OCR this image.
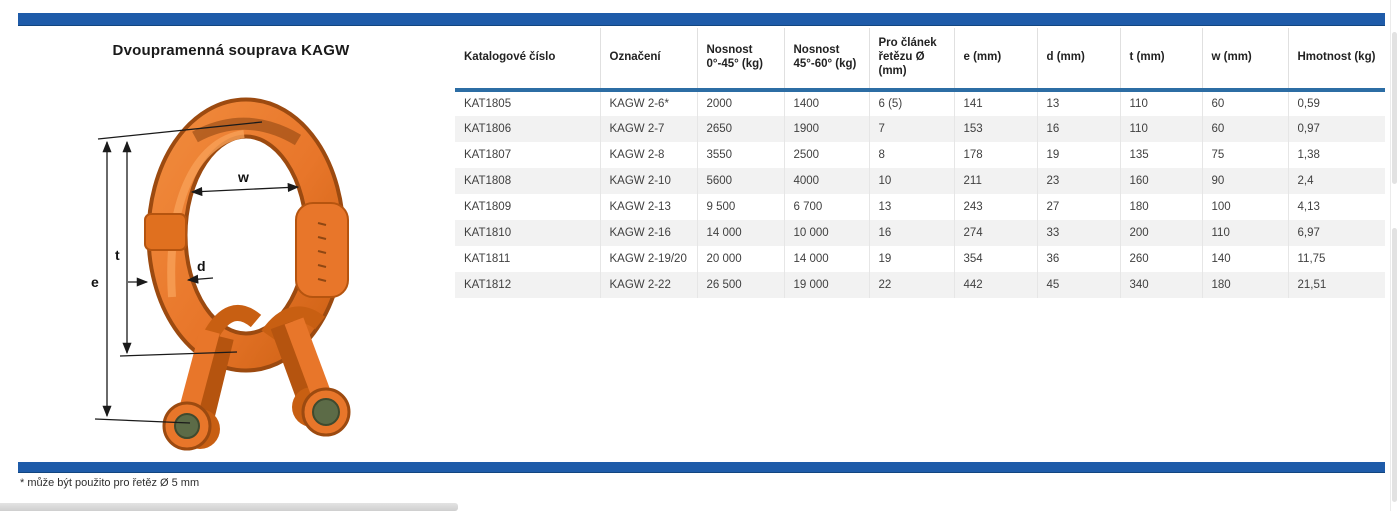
Dvoupramenná souprava KAGW
e
t
w
d
Katalogové číslo	Označení	Nosnost 0°-45° (kg)	Nosnost 45°-60° (kg)	Pro článek řetězu Ø (mm)	e (mm)	d (mm)	t (mm)	w (mm)	Hmotnost (kg)
KAT1805	KAGW 2-6*	2000	1400	6 (5)	141	13	110	60	0,59
KAT1806	KAGW 2-7	2650	1900	7	153	16	110	60	0,97
KAT1807	KAGW 2-8	3550	2500	8	178	19	135	75	1,38
KAT1808	KAGW 2-10	5600	4000	10	211	23	160	90	2,4
KAT1809	KAGW 2-13	9 500	6 700	13	243	27	180	100	4,13
KAT1810	KAGW 2-16	14 000	10 000	16	274	33	200	110	6,97
KAT1811	KAGW 2-19/20	20 000	14 000	19	354	36	260	140	11,75
KAT1812	KAGW 2-22	26 500	19 000	22	442	45	340	180	21,51
* může být použito pro řetěz Ø 5 mm
